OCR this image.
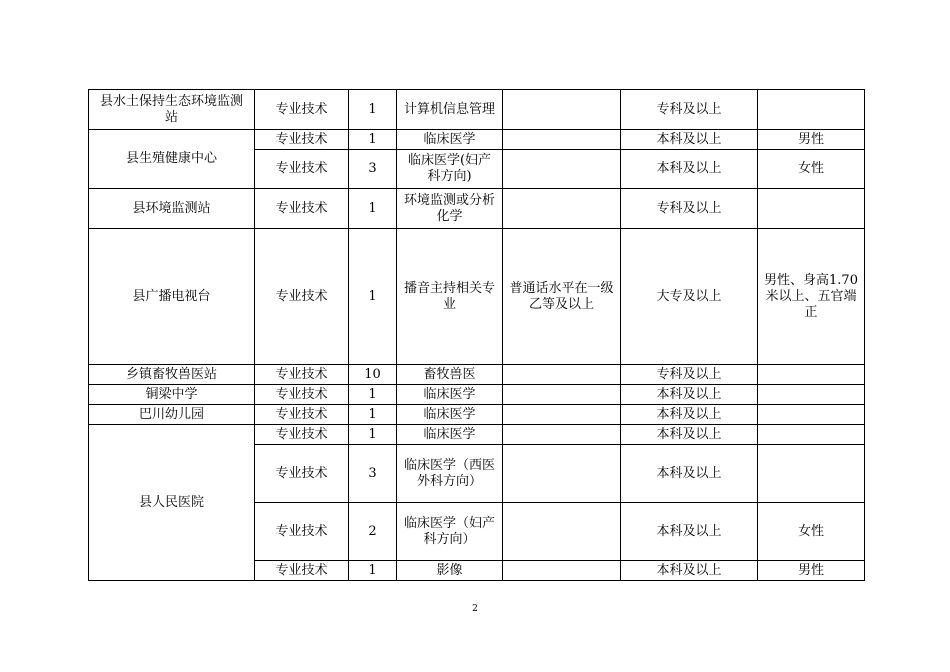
县水土保持生态环境监测站	专业技术	1	计算机信息管理		专科及以上	
县生殖健康中心	专业技术	1	临床医学		本科及以上	男性
	专业技术	3	临床医学(妇产科方向)		本科及以上	女性
县环境监测站	专业技术	1	环境监测或分析化学		专科及以上	
县广播电视台	专业技术	1	播音主持相关专业	普通话水平在一级乙等及以上	大专及以上	男性、身高1.70米以上、五官端正
乡镇畜牧兽医站	专业技术	10	畜牧兽医		专科及以上	
铜梁中学	专业技术	1	临床医学		本科及以上	
巴川幼儿园	专业技术	1	临床医学		本科及以上	
县人民医院	专业技术	1	临床医学		本科及以上	
	专业技术	3	临床医学（西医外科方向）		本科及以上	
	专业技术	2	临床医学（妇产科方向）		本科及以上	女性
	专业技术	1	影像		本科及以上	男性
2
